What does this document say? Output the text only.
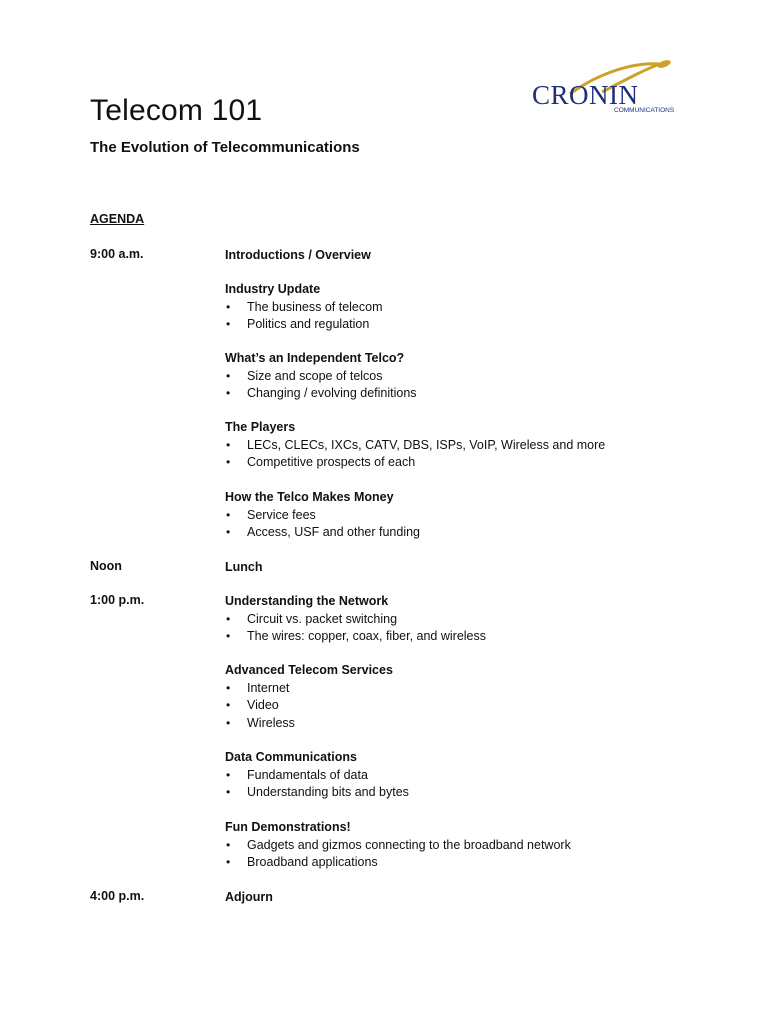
CRONIN
COMMUNICATIONS
Telecom 101
The Evolution of Telecommunications
AGENDA
9:00 a.m.	Introductions / Overview
Industry Update
• The business of telecom
• Politics and regulation
What’s an Independent Telco?
• Size and scope of telcos
• Changing / evolving definitions
The Players
• LECs, CLECs, IXCs, CATV, DBS, ISPs, VoIP, Wireless and more
• Competitive prospects of each
How the Telco Makes Money
• Service fees
• Access, USF and other funding
Noon	Lunch
1:00 p.m.	Understanding the Network
• Circuit vs. packet switching
• The wires: copper, coax, fiber, and wireless
Advanced Telecom Services
• Internet
• Video
• Wireless
Data Communications
• Fundamentals of data
• Understanding bits and bytes
Fun Demonstrations!
• Gadgets and gizmos connecting to the broadband network
• Broadband applications
4:00 p.m.	Adjourn
